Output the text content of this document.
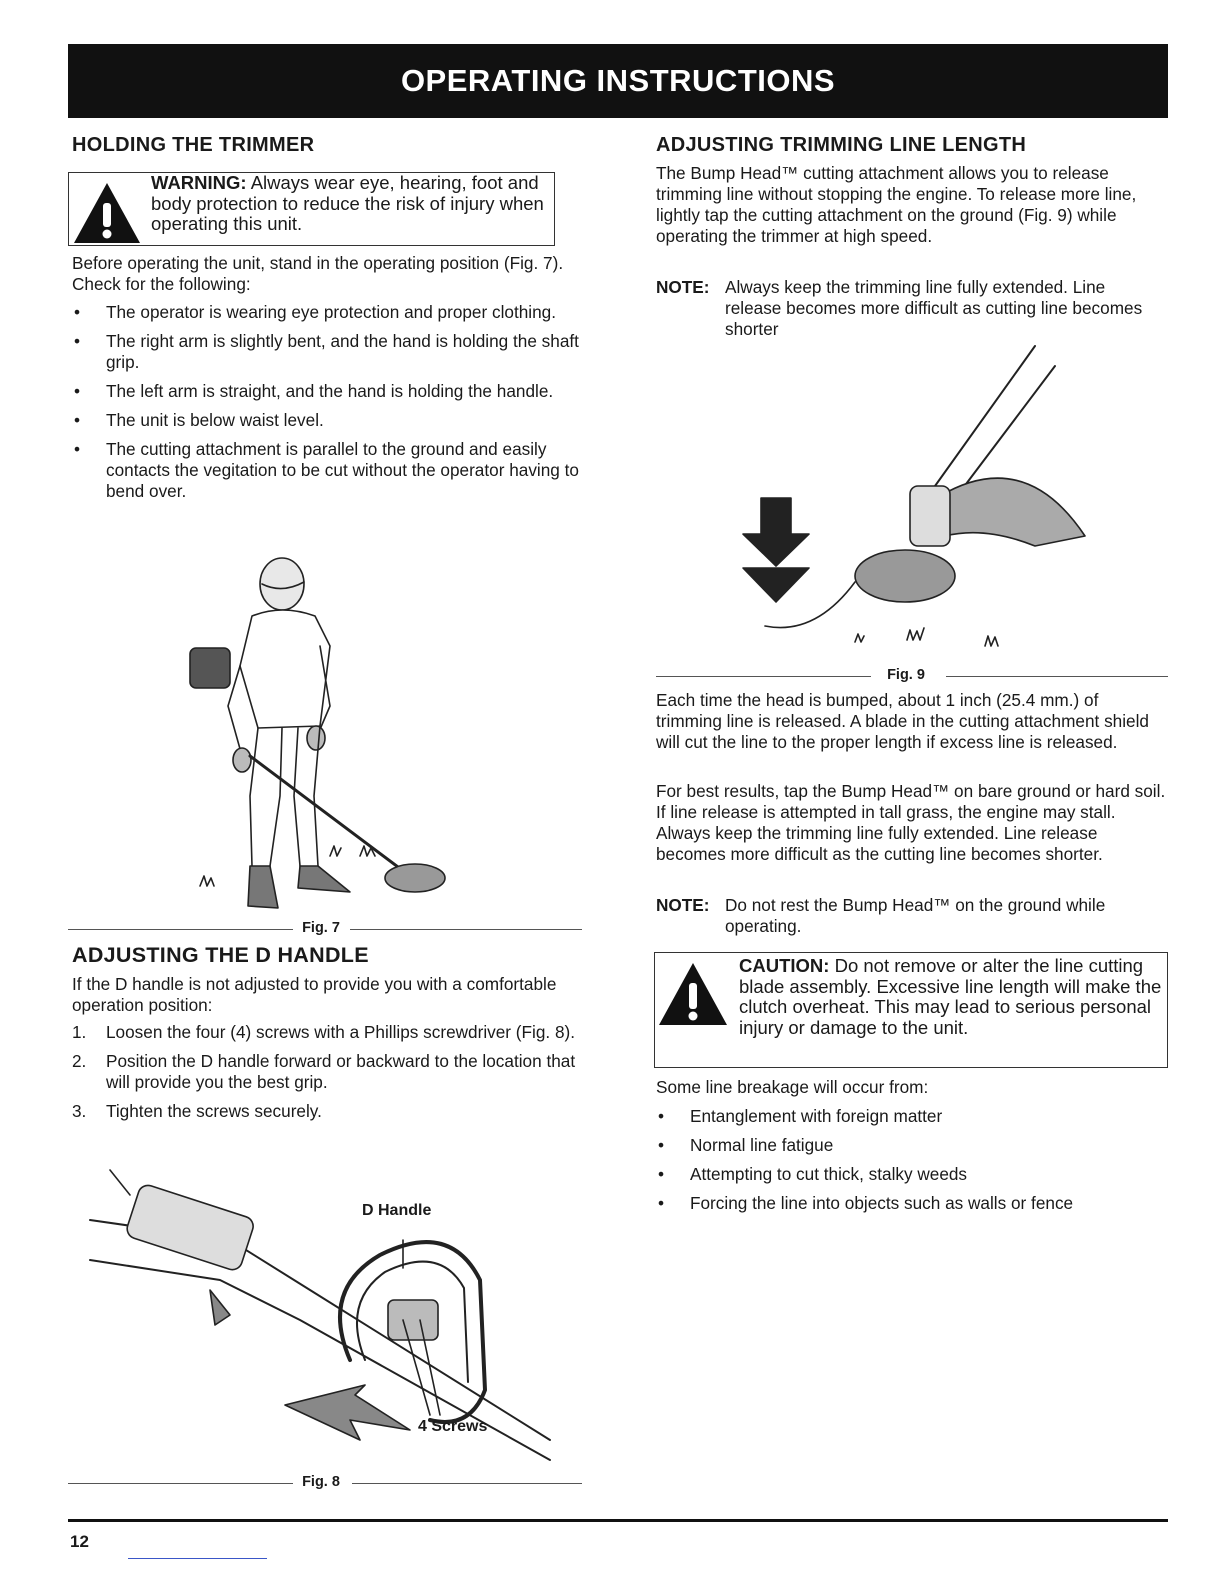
OPERATING INSTRUCTIONS
HOLDING THE TRIMMER
WARNING: Always wear eye, hearing, foot and body protection to reduce the risk of injury when operating this unit.

Before operating the unit, stand in the operating position (Fig. 7). Check for the following:

• The operator is wearing eye protection and proper clothing.
• The right arm is slightly bent, and the hand is holding the shaft grip.
• The left arm is straight, and the hand is holding the handle.
• The unit is below waist level.
• The cutting attachment is parallel to the ground and easily contacts the vegitation to be cut without the operator having to bend over.
Fig. 7
ADJUSTING THE D HANDLE

If the D handle is not adjusted to provide you with a comfortable operation position:

1. Loosen the four (4) screws with a Phillips screwdriver (Fig. 8).
2. Position the D handle forward or backward to the location that will provide you the best grip.
3. Tighten the screws securely.
D Handle
4 Screws
Fig. 8
ADJUSTING TRIMMING LINE LENGTH

The Bump Head™ cutting attachment allows you to release trimming line without stopping the engine. To release more line, lightly tap the cutting attachment on the ground (Fig. 9) while operating the trimmer at high speed.

NOTE: Always keep the trimming line fully extended. Line release becomes more difficult as cutting line becomes shorter
Fig. 9

Each time the head is bumped, about 1 inch (25.4 mm.) of trimming line is released. A blade in the cutting attachment shield will cut the line to the proper length if excess line is released.

For best results, tap the Bump Head™ on bare ground or hard soil. If line release is attempted in tall grass, the engine may stall. Always keep the trimming line fully extended. Line release becomes more difficult as the cutting line becomes shorter.

NOTE: Do not rest the Bump Head™ on the ground while operating.
CAUTION: Do not remove or alter the line cutting blade assembly. Excessive line length will make the clutch overheat. This may lead to serious personal injury or damage to the unit.

Some line breakage will occur from:

• Entanglement with foreign matter
• Normal line fatigue
• Attempting to cut thick, stalky weeds
• Forcing the line into objects such as walls or fence
12
